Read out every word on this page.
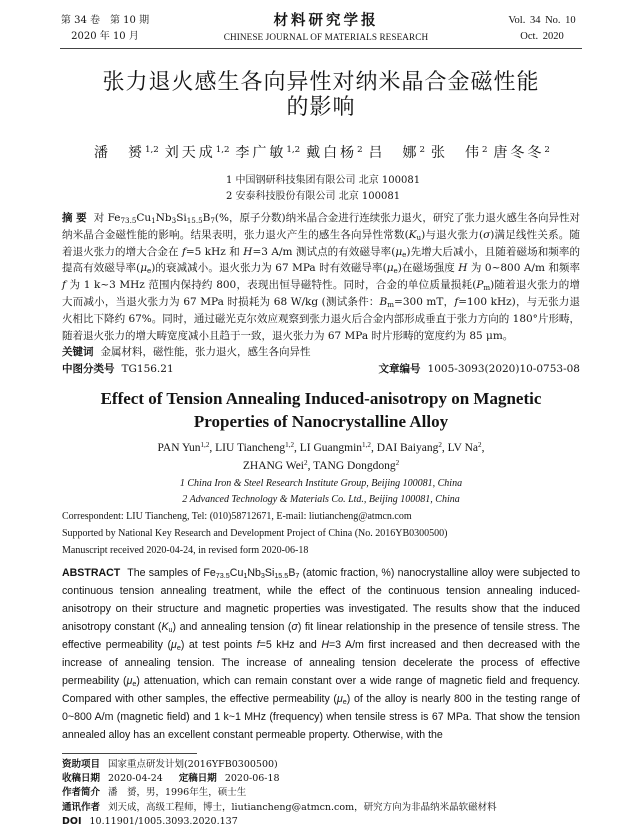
第 34 卷　第 10 期
2020 年 10 月
材料研究学报
CHINESE JOURNAL OF MATERIALS RESEARCH
Vol. 34 No. 10
Oct. 2020
张力退火感生各向异性对纳米晶合金磁性能
的影响
潘　赟$^{1,2}$ 刘天成$^{1,2}$ 李广敏$^{1,2}$ 戴白杨$^2$ 吕　娜$^2$ 张　伟$^2$ 唐冬冬$^2$
1 中国钢研科技集团有限公司 北京 100081
2 安泰科技股份有限公司 北京 100081

摘 要 对 $Fe_{73.5}Cu_1Nb_3Si_{15.5}B_7(\%$，原子分数)纳米晶合金进行连续张力退火，研究了张力退火感生各向异性对纳米晶合金磁性能的影响。结果表明，张力退火产生的感生各向异性常数$(K_u)$与退火张力(σ)满足线性关系。随着退火张力的增大合金在 f=5 kHz 和 H=3 A/m 测试点的有效磁导率$(\mu_e)$先增大后减小，且随着磁场和频率的提高有效磁导率$(\mu_e)$的衰减减小。退火张力为 67 MPa 时有效磁导率$(\mu_e)$在磁场强度 H 为 0~800 A/m 和频率 f 为 1 k~3 MHz 范围内保持约 800，表现出恒导磁特性。同时，合金的单位质量损耗$(P_m)$随着退火张力的增大而减小，当退火张力为 67 MPa 时损耗为 68 W/kg (测试条件：$B_m=300$ mT，f=100 kHz)，与无张力退火相比下降约 67%。同时，通过磁光克尔效应观察到张力退火后合金内部形成垂直于张力方向的 180°片形畴，随着退火张力的增大畴宽度减小且趋于一致，退火张力为 67 MPa 时片形畴的宽度约为 85 μm。

关键词 金属材料，磁性能，张力退火，感生各向异性

中图分类号 TG156.21	文章编号 1005-3093(2020)10-0753-08
Effect of Tension Annealing Induced-anisotropy on Magnetic
Properties of Nanocrystalline Alloy
PAN Yun$^{1,2}$, LIU Tiancheng$^{1,2}$, LI Guangmin$^{1,2}$, DAI Baiyang$^2$, LV Na$^2$,
ZHANG Wei$^2$, TANG Dongdong$^2$
1 China Iron & Steel Research Institute Group, Beijing 100081, China
2 Advanced Technology & Materials Co. Ltd., Beijing 100081, China
Correspondent: LIU Tiancheng, Tel: (010)58712671, E-mail: liutiancheng@atmcn.com
Supported by National Key Research and Development Project of China (No. 2016YB0300500)
Manuscript received 2020-04-24, in revised form 2020-06-18

ABSTRACT The samples of $Fe_{73.5}Cu_1Nb_3Si_{15.5}B_7$ (atomic fraction, %) nanocrystalline alloy were subjected to continuous tension annealing treatment, while the effect of the continuous tension annealing induced-anisotropy on their structure and magnetic properties was investigated. The results show that the induced anisotropy constant $(K_u)$ and annealing tension (σ) fit linear relationship in the presence of tensile stress. The effective permeability $(\mu_e)$ at test points f=5 kHz and H=3 A/m first increased and then decreased with the increase of annealing tension. The increase of annealing tension decelerate the process of effective permeability $(\mu_e)$ attenuation, which can remain constant over a wide range of magnetic field and frequency. Compared with other samples, the effective permeability $(\mu_e)$ of the alloy is nearly 800 in the testing range of 0~800 A/m (magnetic field) and 1 k~1 MHz (frequency) when tensile stress is 67 MPa. That show the tension annealed alloy has an excellent constant permeable property. Otherwise, with the

资助项目 国家重点研发计划(2016YFB0300500)
收稿日期 2020-04-24 定稿日期 2020-06-18
作者简介 潘　赟，男，1996年生，硕士生
通讯作者 刘天成，高级工程师，博士，liutiancheng@atmcn.com，研究方向为非晶纳米晶软磁材料
DOI 10.11901/1005.3093.2020.137
